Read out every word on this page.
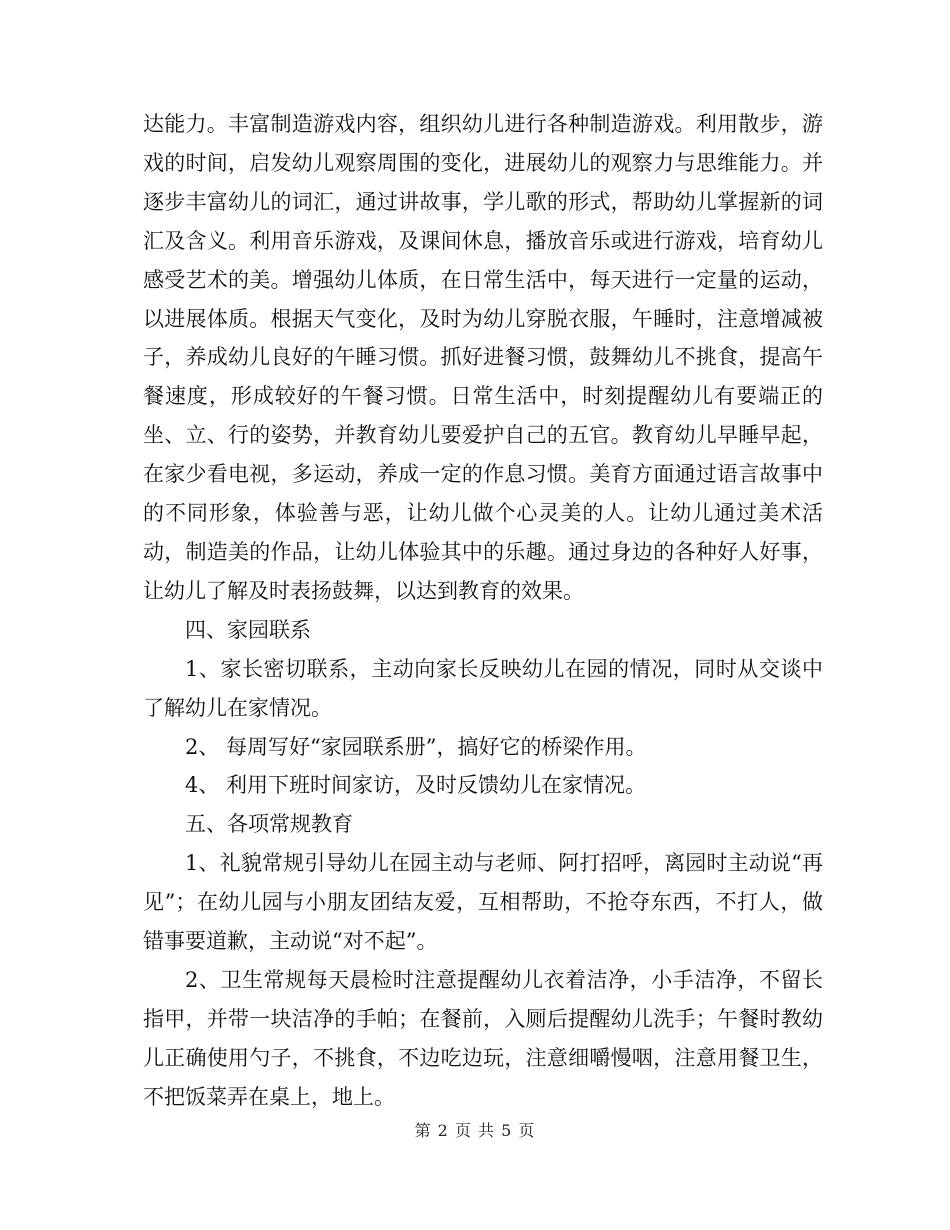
达能力。丰富制造游戏内容，组织幼儿进行各种制造游戏。利用散步，游戏的时间，启发幼儿观察周围的变化，进展幼儿的观察力与思维能力。并逐步丰富幼儿的词汇，通过讲故事，学儿歌的形式，帮助幼儿掌握新的词汇及含义。利用音乐游戏，及课间休息，播放音乐或进行游戏，培育幼儿感受艺术的美。增强幼儿体质，在日常生活中，每天进行一定量的运动，以进展体质。根据天气变化，及时为幼儿穿脱衣服，午睡时，注意增减被子，养成幼儿良好的午睡习惯。抓好进餐习惯，鼓舞幼儿不挑食，提高午餐速度，形成较好的午餐习惯。日常生活中，时刻提醒幼儿有要端正的坐、立、行的姿势，并教育幼儿要爱护自己的五官。教育幼儿早睡早起，在家少看电视，多运动，养成一定的作息习惯。美育方面通过语言故事中的不同形象，体验善与恶，让幼儿做个心灵美的人。让幼儿通过美术活动，制造美的作品，让幼儿体验其中的乐趣。通过身边的各种好人好事，让幼儿了解及时表扬鼓舞，以达到教育的效果。

四、家园联系

1、家长密切联系，主动向家长反映幼儿在园的情况，同时从交谈中了解幼儿在家情况。

2、 每周写好“家园联系册”，搞好它的桥梁作用。

4、 利用下班时间家访，及时反馈幼儿在家情况。

五、各项常规教育

1、礼貌常规引导幼儿在园主动与老师、阿打招呼，离园时主动说“再见”；在幼儿园与小朋友团结友爱，互相帮助，不抢夺东西，不打人，做错事要道歉，主动说“对不起”。

2、卫生常规每天晨检时注意提醒幼儿衣着洁净，小手洁净，不留长指甲，并带一块洁净的手帕；在餐前，入厕后提醒幼儿洗手；午餐时教幼儿正确使用勺子，不挑食，不边吃边玩，注意细嚼慢咽，注意用餐卫生，不把饭菜弄在桌上，地上。

第 2 页 共 5 页
